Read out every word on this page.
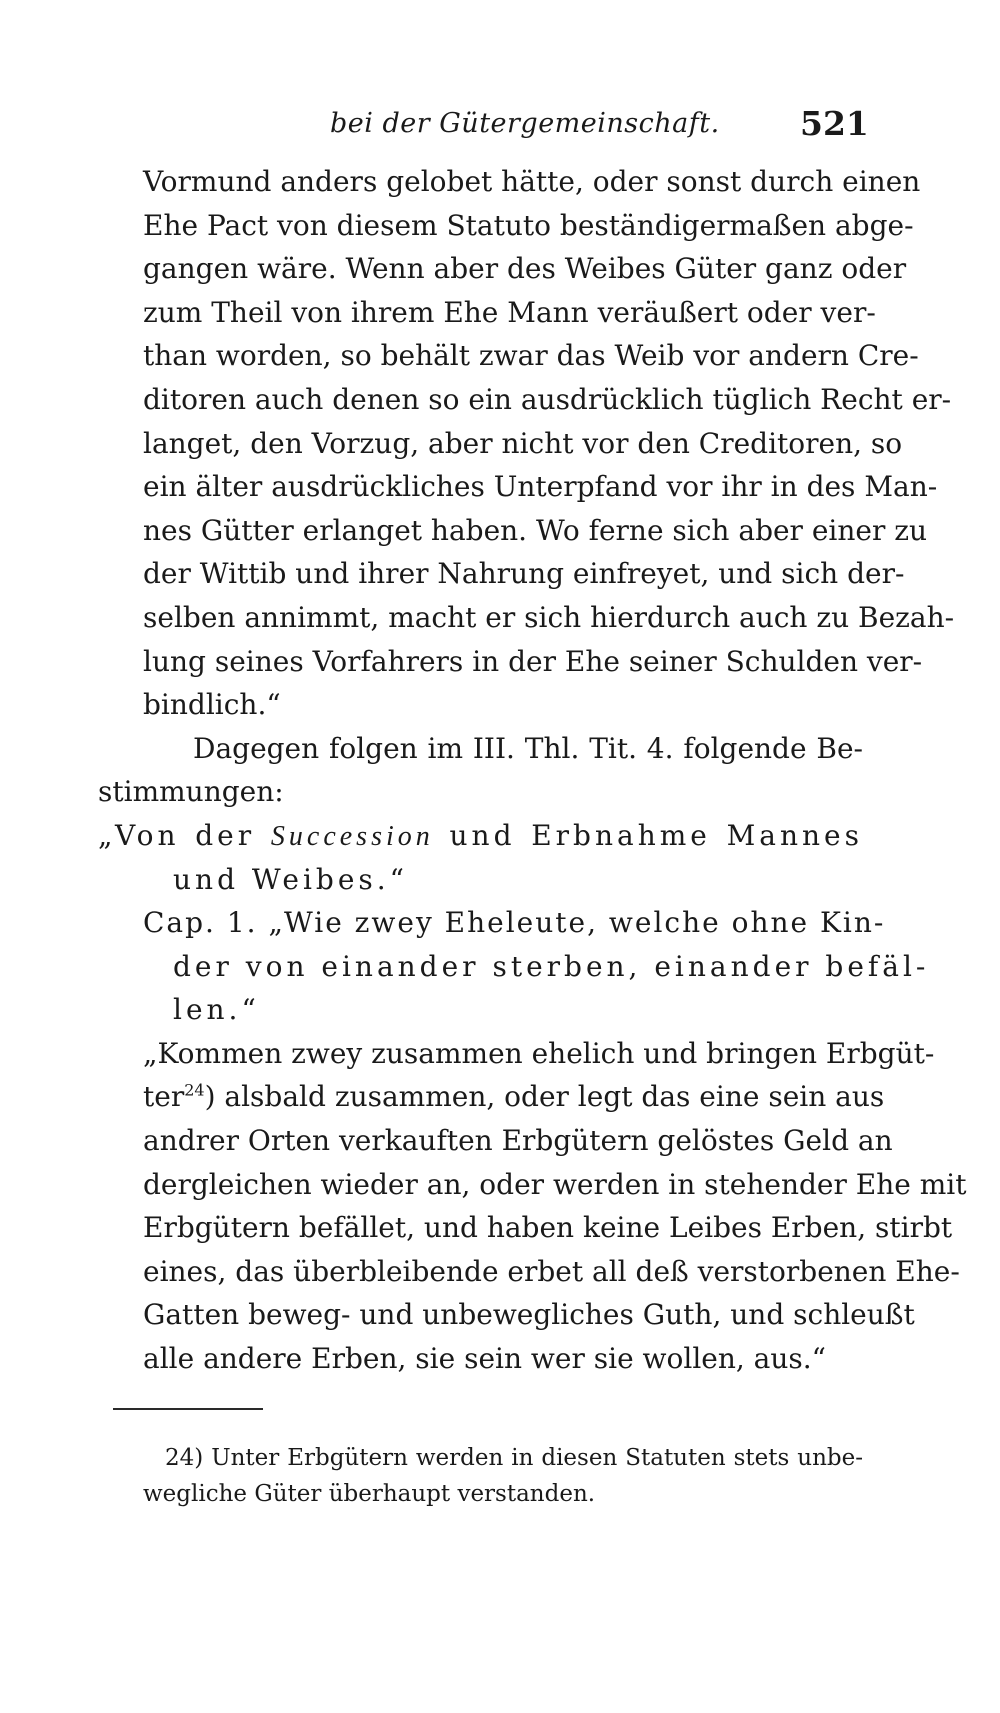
bei der Gütergemeinschaft. 521
Vormund anders gelobet hätte, oder sonst durch einen
Ehe Pact von diesem Statuto beständigermaßen abge-
gangen wäre. Wenn aber des Weibes Güter ganz oder
zum Theil von ihrem Ehe Mann veräußert oder ver-
than worden, so behält zwar das Weib vor andern Cre-
ditoren auch denen so ein ausdrücklich tüglich Recht er-
langet, den Vorzug, aber nicht vor den Creditoren, so
ein älter ausdrückliches Unterpfand vor ihr in des Man-
nes Gütter erlanget haben. Wo ferne sich aber einer zu
der Wittib und ihrer Nahrung einfreyet, und sich der-
selben annimmt, macht er sich hierdurch auch zu Bezah-
lung seines Vorfahrers in der Ehe seiner Schulden ver-
bindlich.“
Dagegen folgen im III. Thl. Tit. 4. folgende Be-
stimmungen:
„Von der Succession und Erbnahme Mannes
und Weibes.“
Cap. 1. „Wie zwey Eheleute, welche ohne Kin-
der von einander sterben, einander befäl-
len.“
„Kommen zwey zusammen ehelich und bringen Erbgüt-
ter$^{24}$) alsbald zusammen, oder legt das eine sein aus
andrer Orten verkauften Erbgütern gelöstes Geld an
dergleichen wieder an, oder werden in stehender Ehe mit
Erbgütern befället, und haben keine Leibes Erben, stirbt
eines, das überbleibende erbet all deß verstorbenen Ehe-
Gatten beweg- und unbewegliches Guth, und schleußt
alle andere Erben, sie sein wer sie wollen, aus.“
24) Unter Erbgütern werden in diesen Statuten stets unbe-
wegliche Güter überhaupt verstanden.
